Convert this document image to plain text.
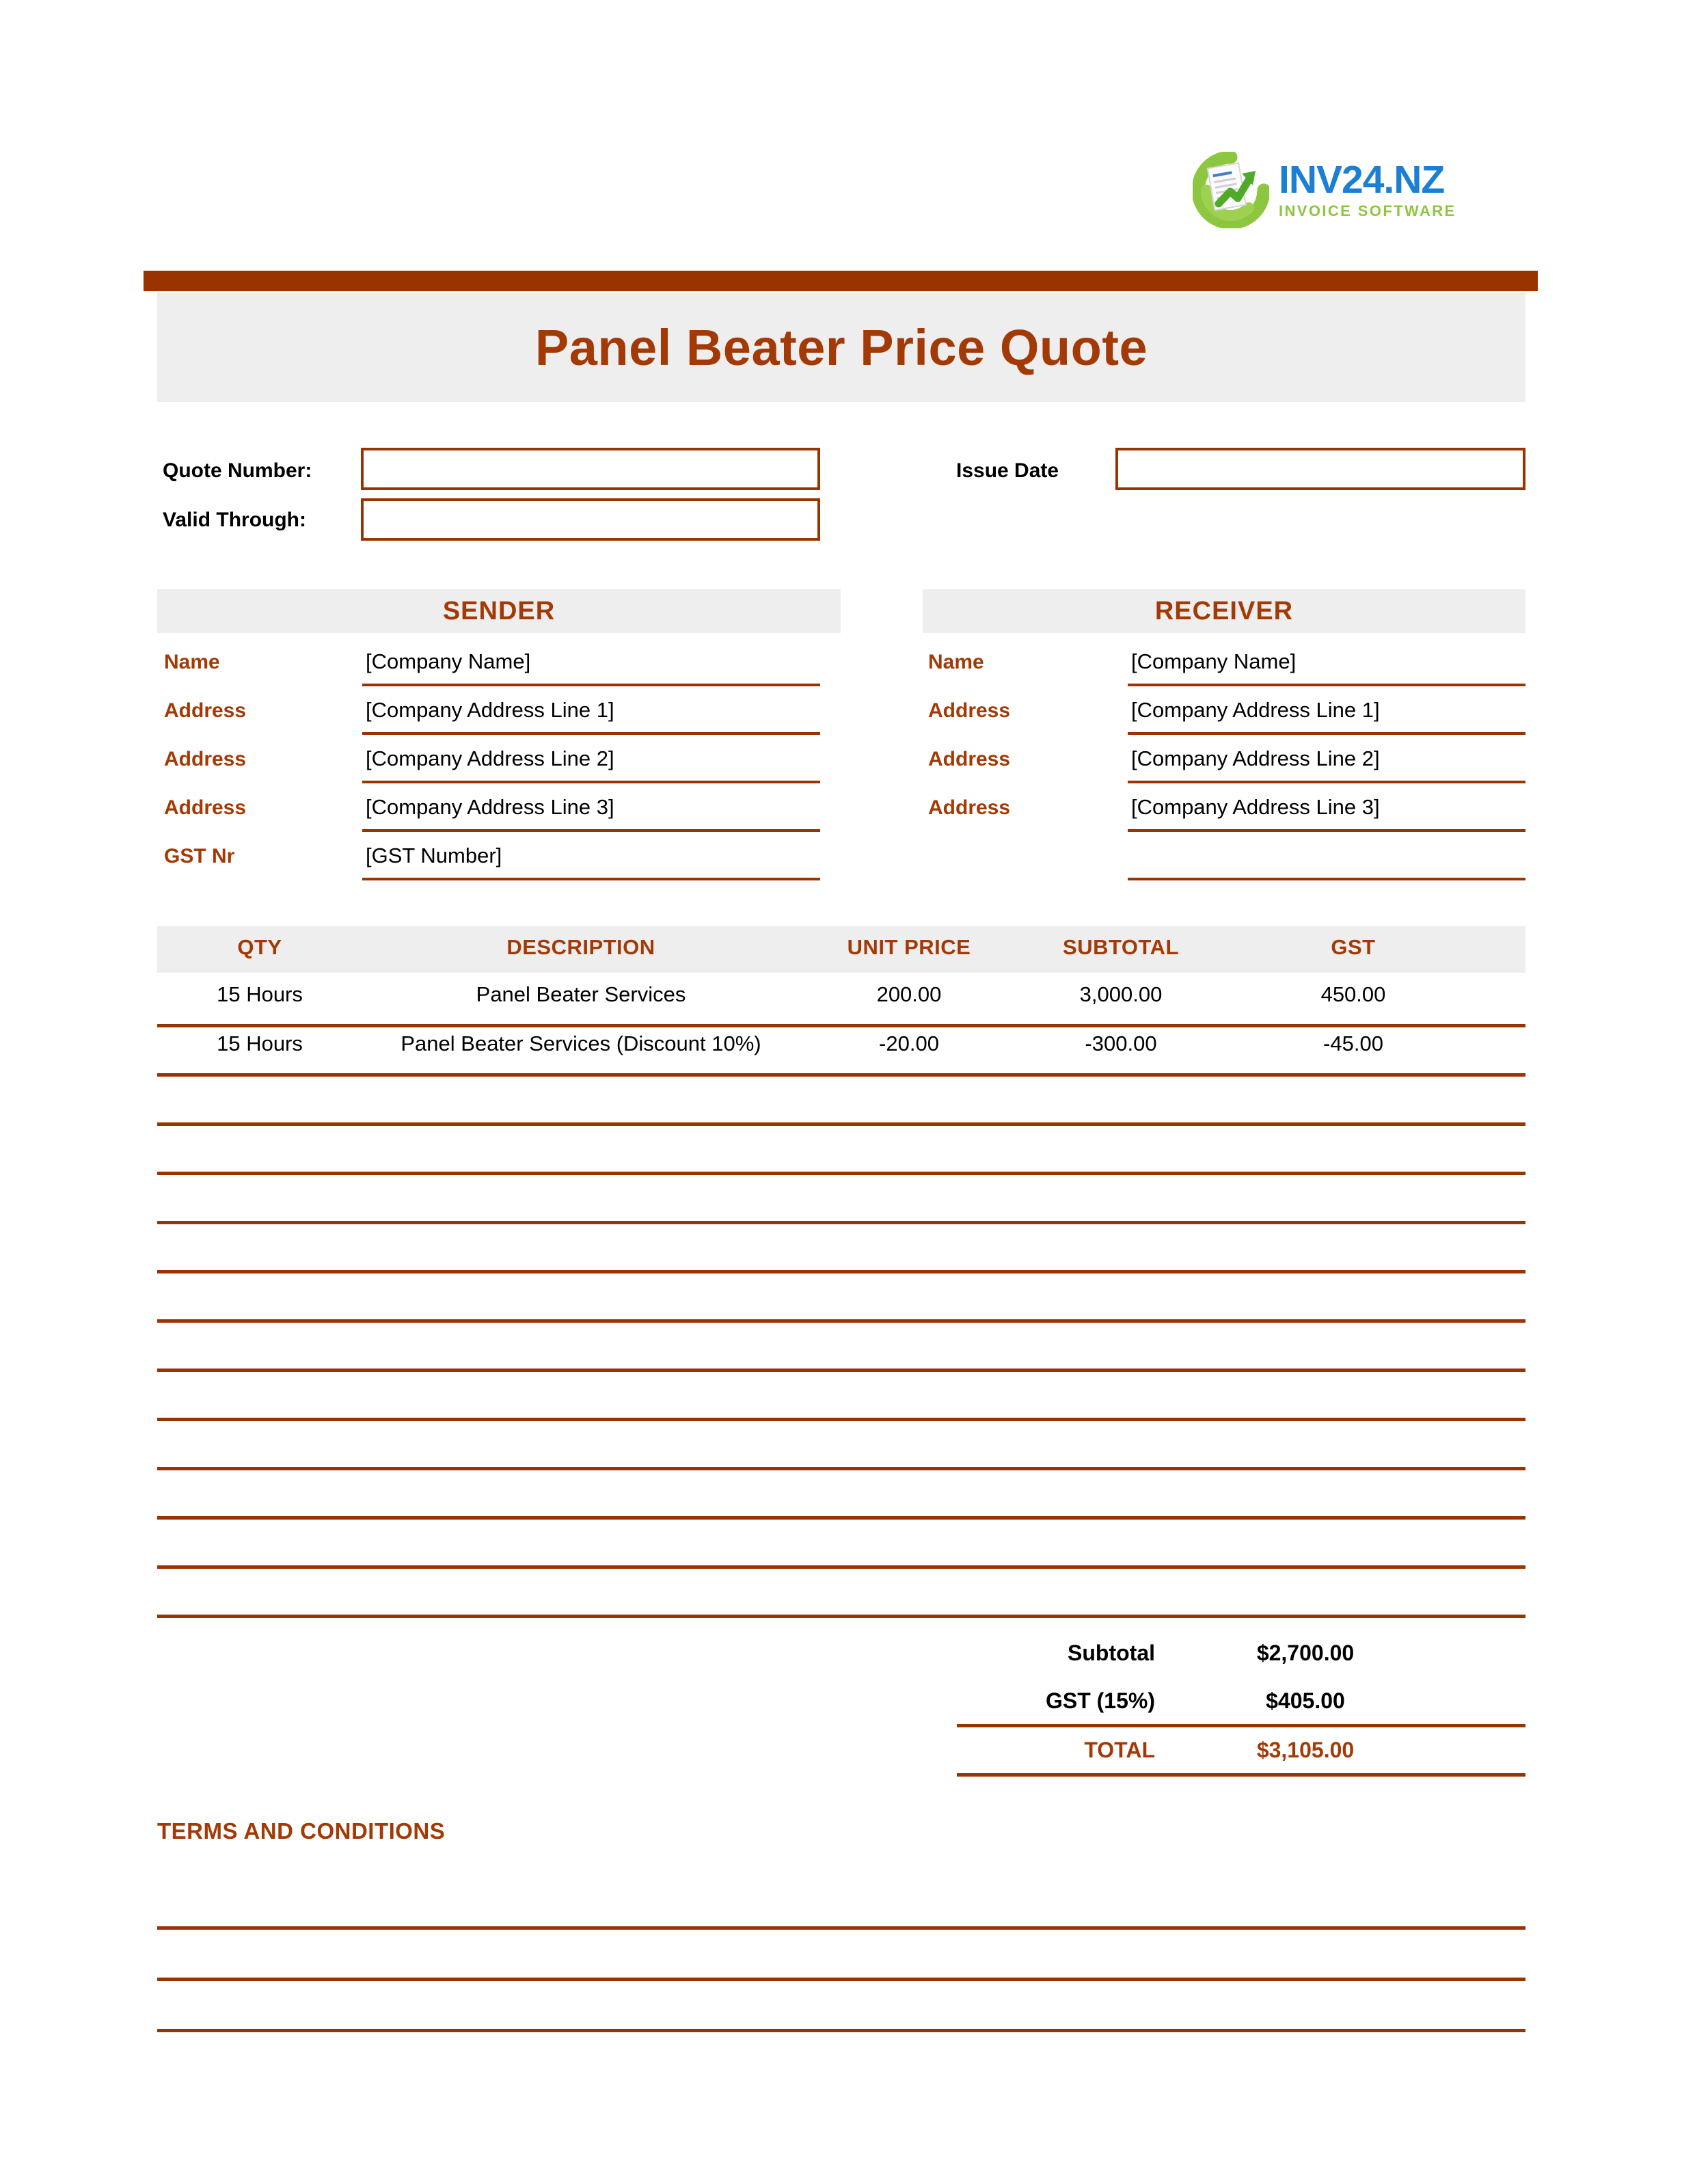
INV24.NZ
INVOICE SOFTWARE
Panel Beater Price Quote
Quote Number:
Valid Through:
Issue Date
SENDER
Name	[Company Name]
Address	[Company Address Line 1]
Address	[Company Address Line 2]
Address	[Company Address Line 3]
GST Nr	[GST Number]
RECEIVER
Name	[Company Name]
Address	[Company Address Line 1]
Address	[Company Address Line 2]
Address	[Company Address Line 3]
QTY	DESCRIPTION	UNIT PRICE	SUBTOTAL	GST
15 Hours	Panel Beater Services	200.00	3,000.00	450.00
15 Hours	Panel Beater Services (Discount 10%)	-20.00	-300.00	-45.00
Subtotal	$2,700.00
GST (15%)	$405.00
TOTAL	$3,105.00
TERMS AND CONDITIONS
